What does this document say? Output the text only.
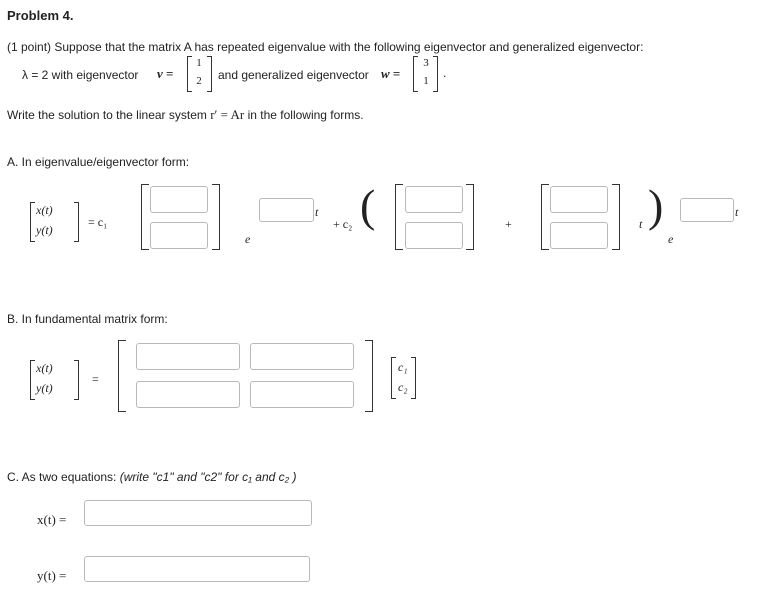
Problem 4.
(1 point) Suppose that the matrix A has repeated eigenvalue with the following eigenvector and generalized eigenvector:
λ = 2 with eigenvector v =
1
2	and generalized eigenvector w =
3
1
.
Write the solution to the linear system r′ = Ar in the following forms.
A. In eigenvalue/eigenvector form:
x(t)
y(t)
= c₁
e
t
+ c₂ (	+	t )
e
t
B. In fundamental matrix form:
x(t)
y(t)
=
c₁
c₂
C. As two equations: (write "c1" and "c2" for c₁ and c₂ )
x(t) =
y(t) =
